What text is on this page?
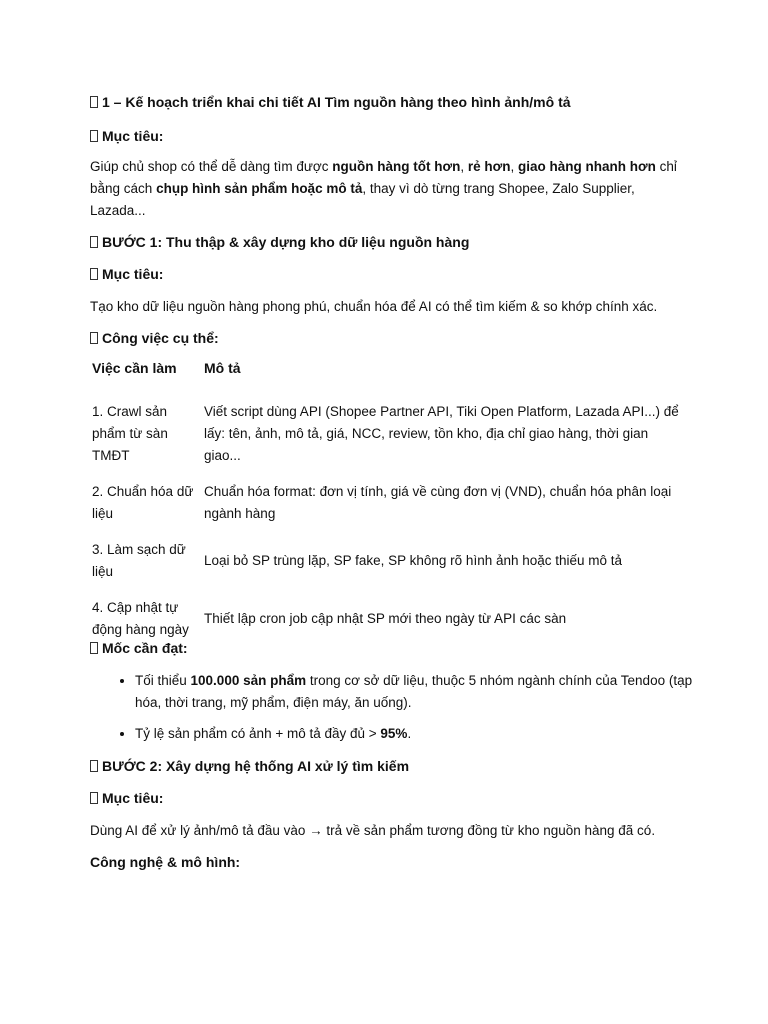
1 – Kế hoạch triển khai chi tiết AI Tìm nguồn hàng theo hình ảnh/mô tả

Mục tiêu:

Giúp chủ shop có thể dễ dàng tìm được nguồn hàng tốt hơn, rẻ hơn, giao hàng nhanh hơn chỉ bằng cách chụp hình sản phẩm hoặc mô tả, thay vì dò từng trang Shopee, Zalo Supplier, Lazada...

BƯỚC 1: Thu thập & xây dựng kho dữ liệu nguồn hàng

Mục tiêu:

Tạo kho dữ liệu nguồn hàng phong phú, chuẩn hóa để AI có thể tìm kiếm & so khớp chính xác.

Công việc cụ thể:

Việc cần làm	Mô tả
1. Crawl sản phẩm từ sàn TMĐT	Viết script dùng API (Shopee Partner API, Tiki Open Platform, Lazada API...) để lấy: tên, ảnh, mô tả, giá, NCC, review, tồn kho, địa chỉ giao hàng, thời gian giao...
2. Chuẩn hóa dữ liệu	Chuẩn hóa format: đơn vị tính, giá về cùng đơn vị (VND), chuẩn hóa phân loại ngành hàng
3. Làm sạch dữ liệu	Loại bỏ SP trùng lặp, SP fake, SP không rõ hình ảnh hoặc thiếu mô tả
4. Cập nhật tự động hàng ngày	Thiết lập cron job cập nhật SP mới theo ngày từ API các sàn

Mốc cần đạt:

• Tối thiểu 100.000 sản phẩm trong cơ sở dữ liệu, thuộc 5 nhóm ngành chính của Tendoo (tạp hóa, thời trang, mỹ phẩm, điện máy, ăn uống).
• Tỷ lệ sản phẩm có ảnh + mô tả đầy đủ > 95%.

BƯỚC 2: Xây dựng hệ thống AI xử lý tìm kiếm

Mục tiêu:

Dùng AI để xử lý ảnh/mô tả đầu vào → trả về sản phẩm tương đồng từ kho nguồn hàng đã có.

Công nghệ & mô hình:
